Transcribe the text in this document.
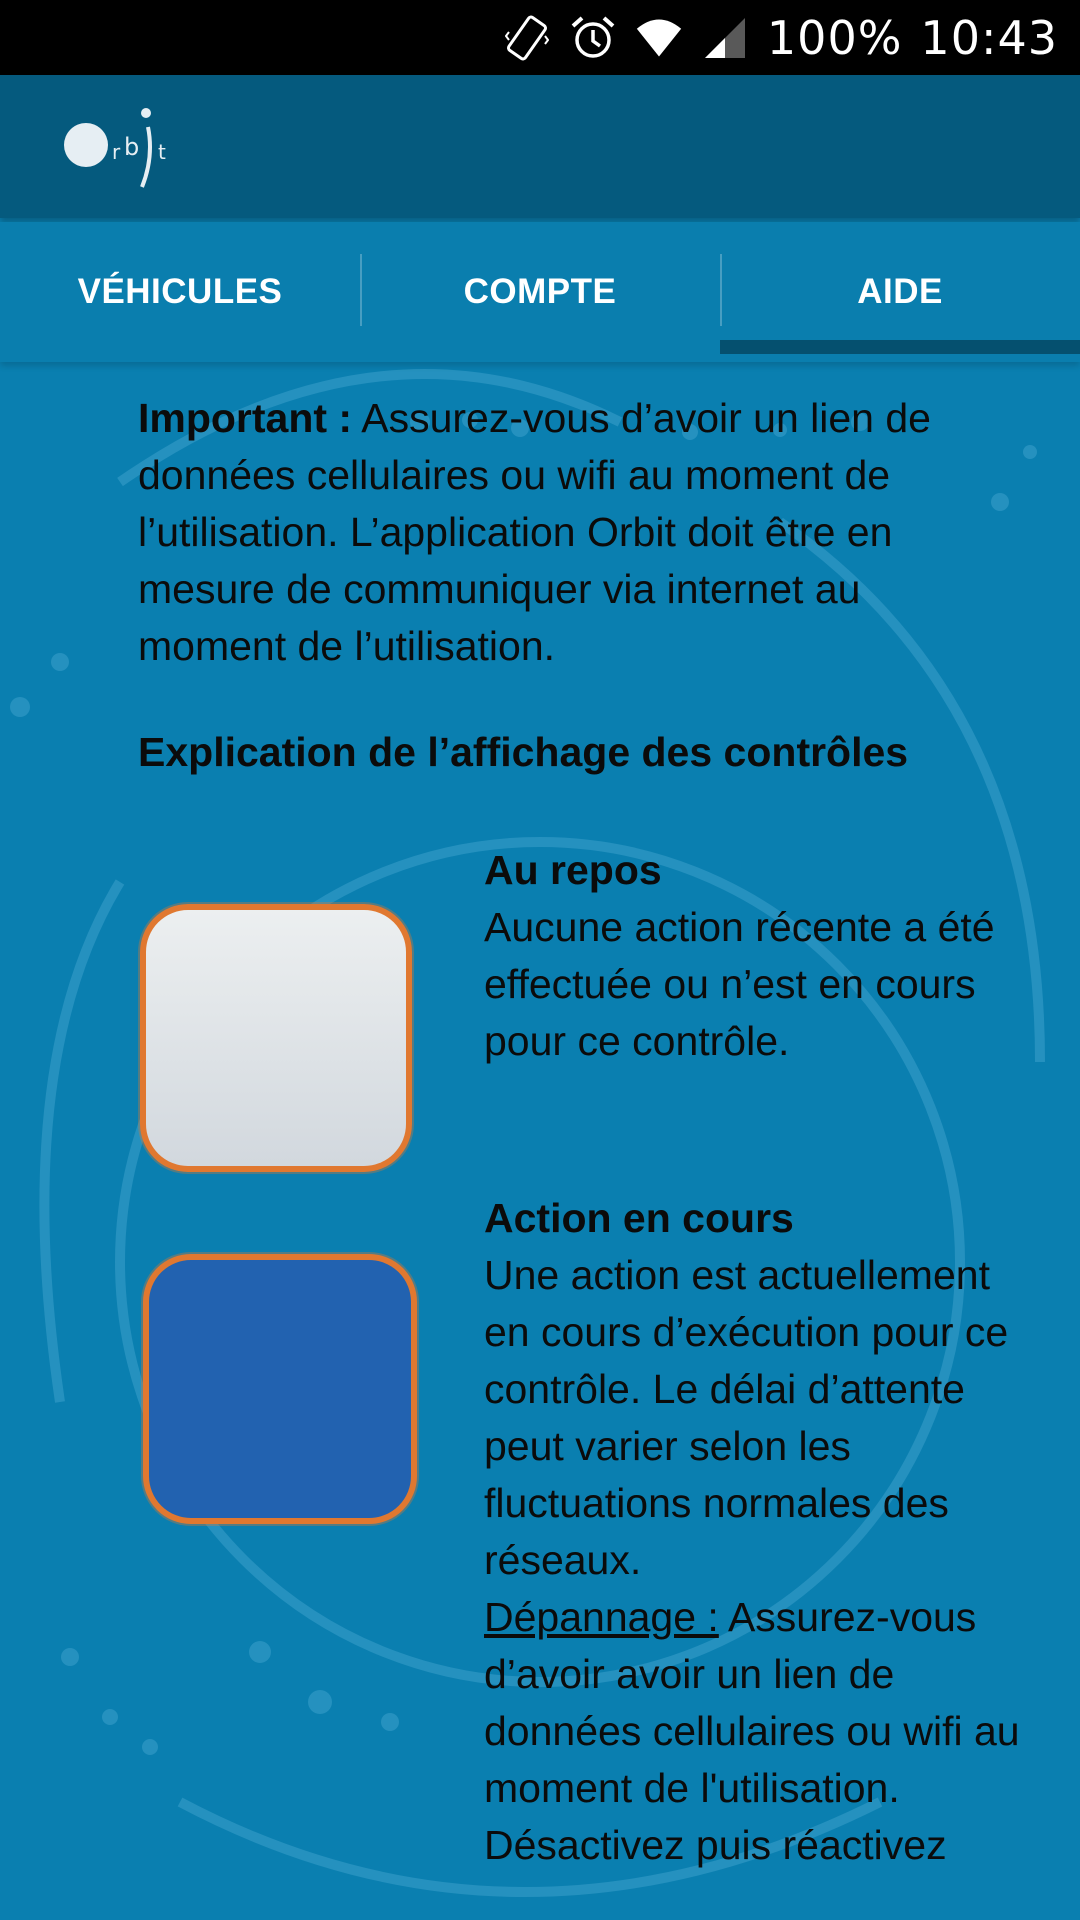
100% 10:43
r b t
VÉHICULES	COMPTE	AIDE
Important : Assurez-vous d’avoir un lien de données cellulaires ou wifi au moment de l’utilisation. L’application Orbit doit être en mesure de communiquer via internet au moment de l’utilisation.
Explication de l’affichage des contrôles
Au repos
Aucune action récente a été effectuée ou n’est en cours pour ce contrôle.
Action en cours
Une action est actuellement en cours d’exécution pour ce contrôle. Le délai d’attente peut varier selon les fluctuations normales des réseaux.
Dépannage : Assurez-vous d’avoir avoir un lien de données cellulaires ou wifi au moment de l'utilisation. Désactivez puis réactivez
